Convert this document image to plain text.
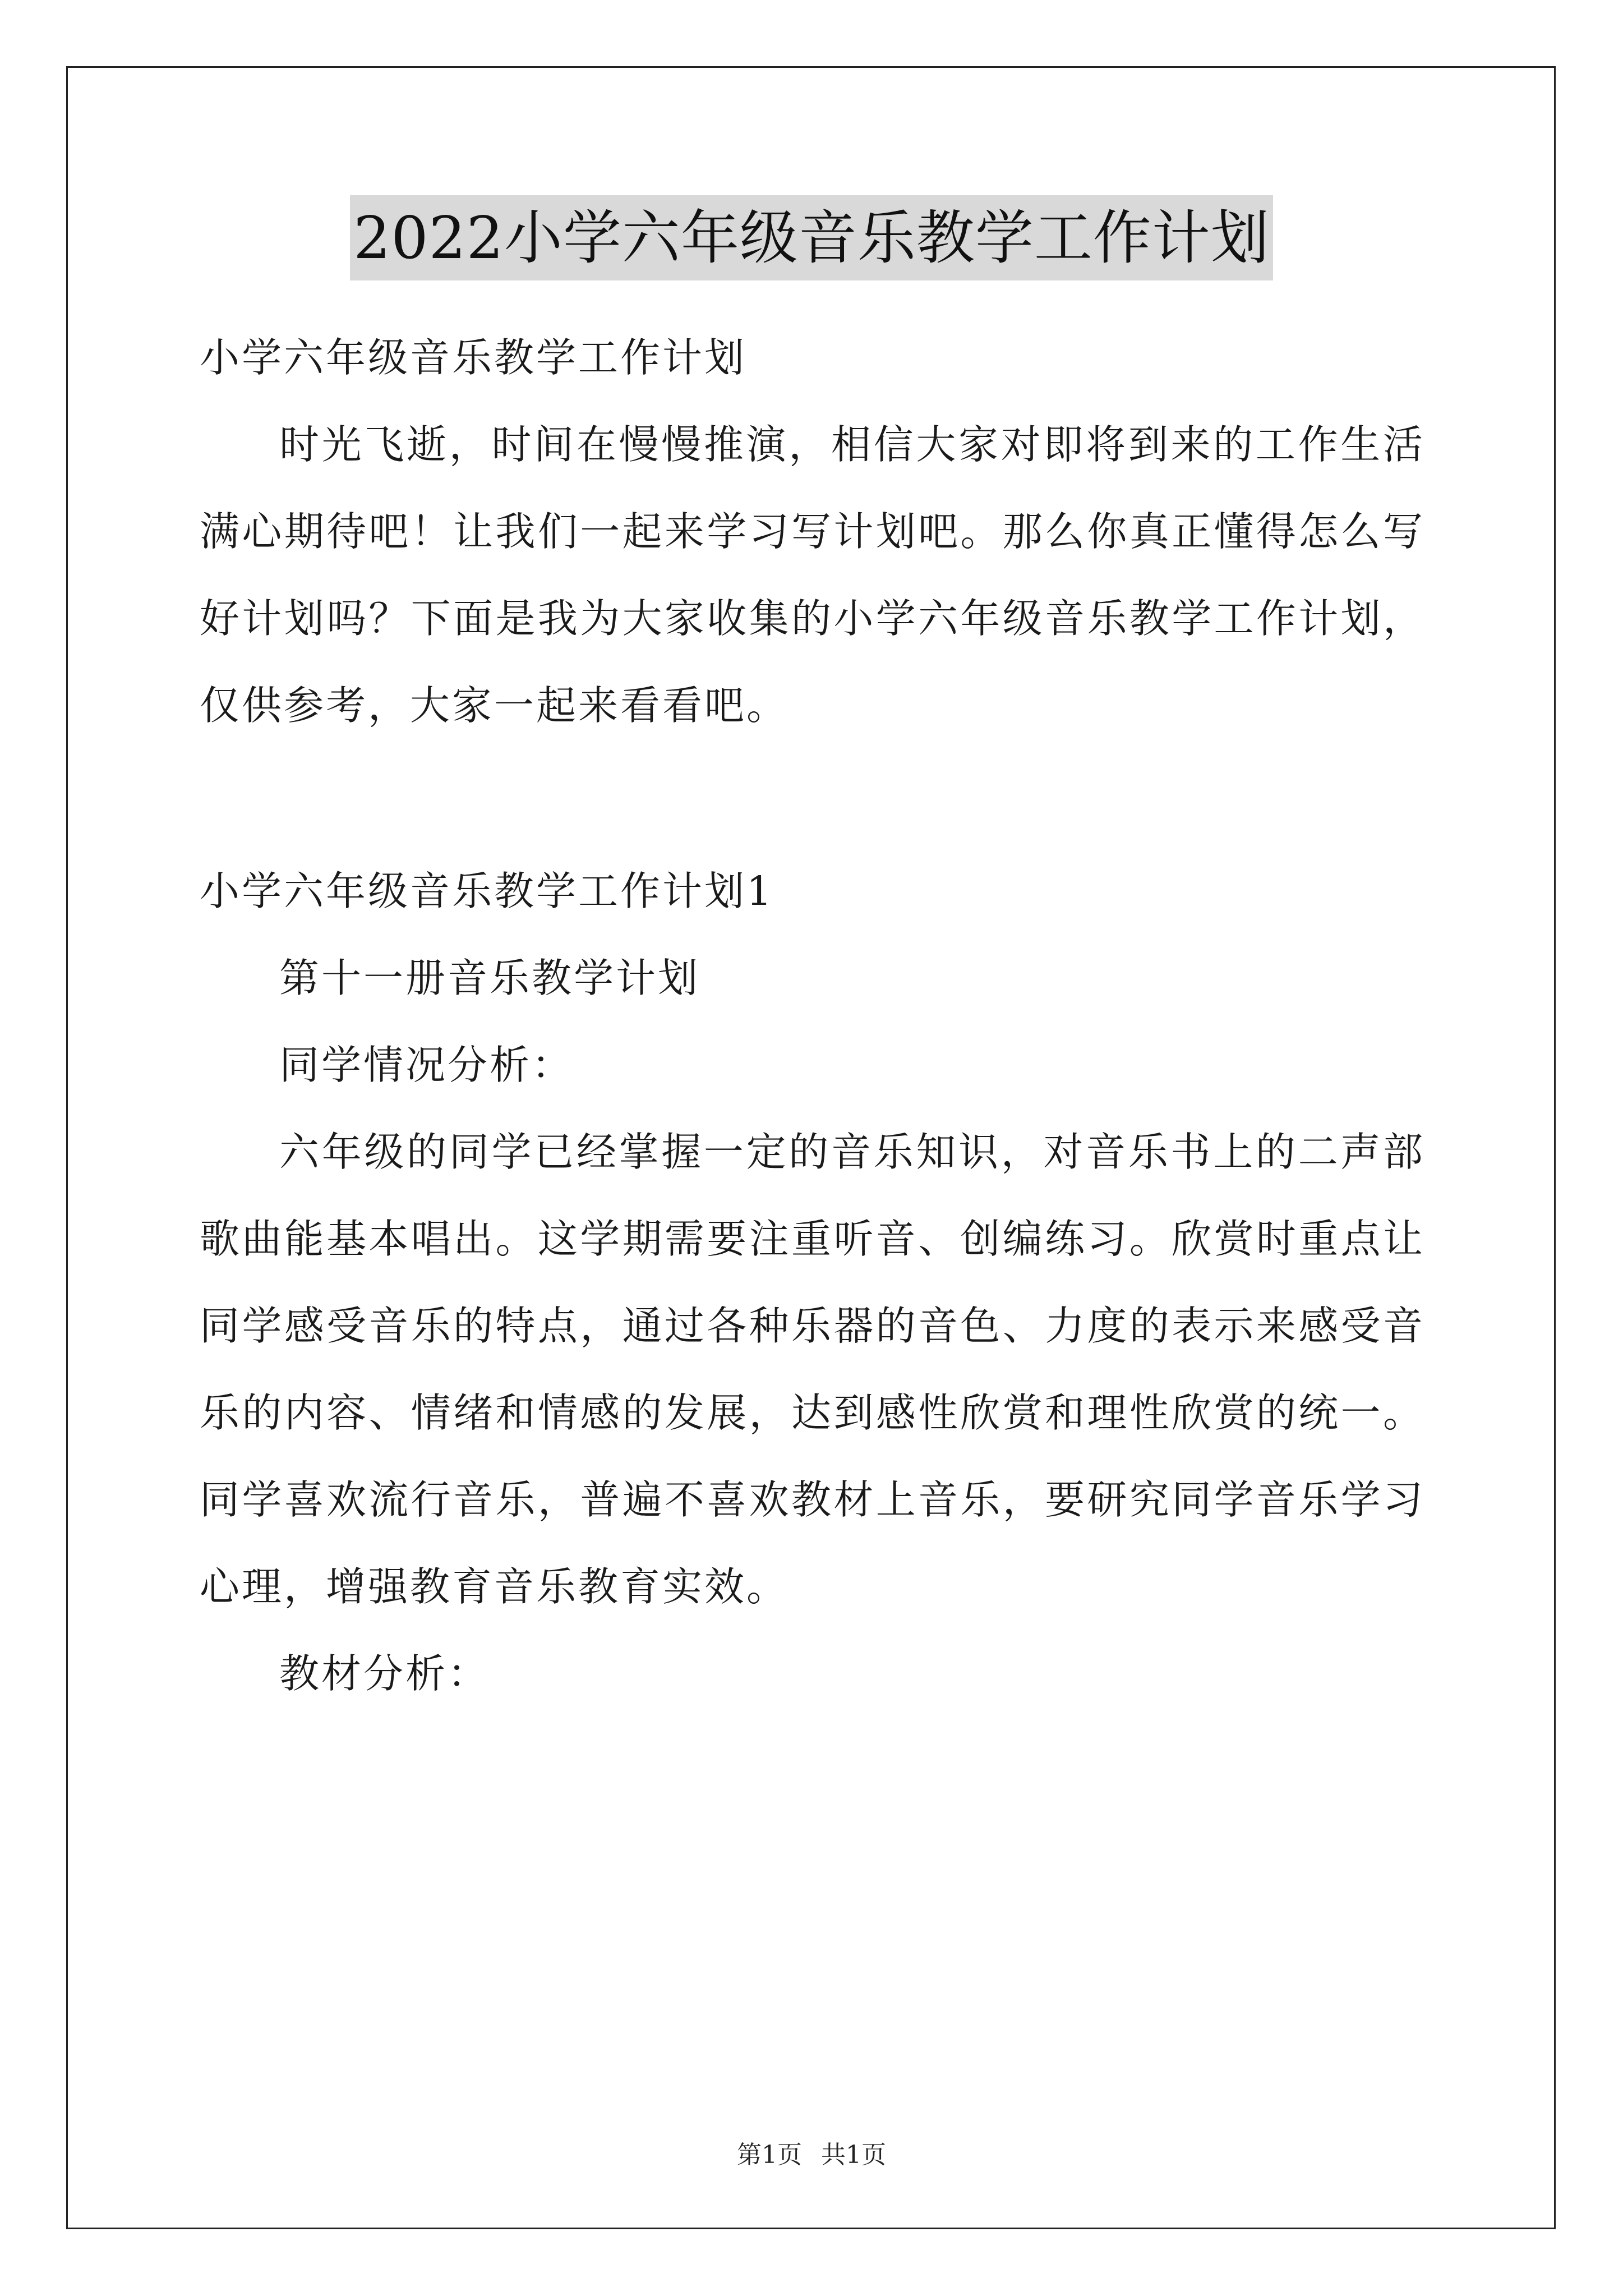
2022小学六年级音乐教学工作计划

小学六年级音乐教学工作计划

时光飞逝，时间在慢慢推演，相信大家对即将到来的工作生活满心期待吧！让我们一起来学习写计划吧。那么你真正懂得怎么写好计划吗？下面是我为大家收集的小学六年级音乐教学工作计划，仅供参考，大家一起来看看吧。

小学六年级音乐教学工作计划1

第十一册音乐教学计划

同学情况分析：

六年级的同学已经掌握一定的音乐知识，对音乐书上的二声部歌曲能基本唱出。这学期需要注重听音、创编练习。欣赏时重点让同学感受音乐的特点，通过各种乐器的音色、力度的表示来感受音乐的内容、情绪和情感的发展，达到感性欣赏和理性欣赏的统一。同学喜欢流行音乐，普遍不喜欢教材上音乐，要研究同学音乐学习心理，增强教育音乐教育实效。

教材分析：

第1页 共1页
